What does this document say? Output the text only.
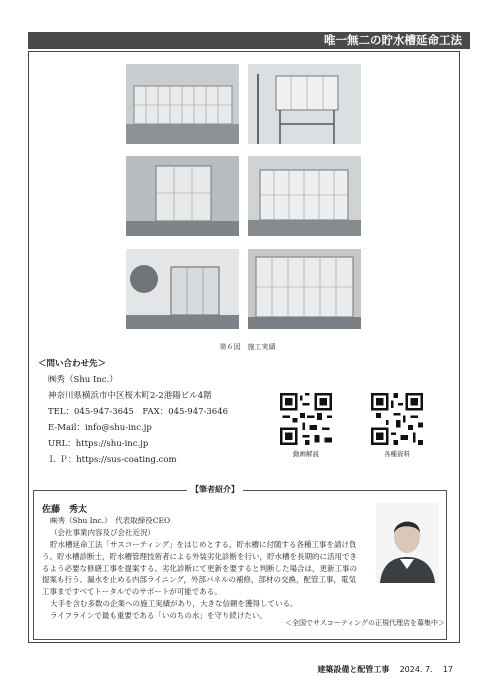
唯一無二の貯水槽延命工法
第６図　施工実績
＜問い合わせ先＞
㈱秀（Shu Inc.）
神奈川県横浜市中区桜木町2-2港陽ビル4階
TEL：045-947-3645　FAX：045-947-3646
E-Mail：info@shu-inc.jp
URL：https://shu-inc.jp
Ｌ Ｐ：https://sus-coating.com
動画解説	各種資料
【筆者紹介】
佐藤　秀太
㈱秀（Shu Inc.）　代表取締役CEO
（会社事業内容及び会社近況）

貯水槽延命工法「サスコーティング」をはじめとする，貯水槽に付随する各種工事を請け負う。貯水槽診断士，貯水槽管理技術者による外装劣化診断を行い，貯水槽を長期的に活用できるよう必要な修繕工事を提案する。劣化診断にて更新を要すると判断した場合は，更新工事の提案も行う。漏水を止める内部ライニング，外部パネルの補修，部材の交換，配管工事，電気工事まですべてトータルでのサポートが可能である。

大手を含む多数の企業への施工実績があり，大きな信頼を獲得している。

ライフラインで最も重要である「いのちの水」を守り続けたい。

＜全国でサスコーティングの正規代理店を募集中＞
建築設備と配管工事 2024. 7. 17
